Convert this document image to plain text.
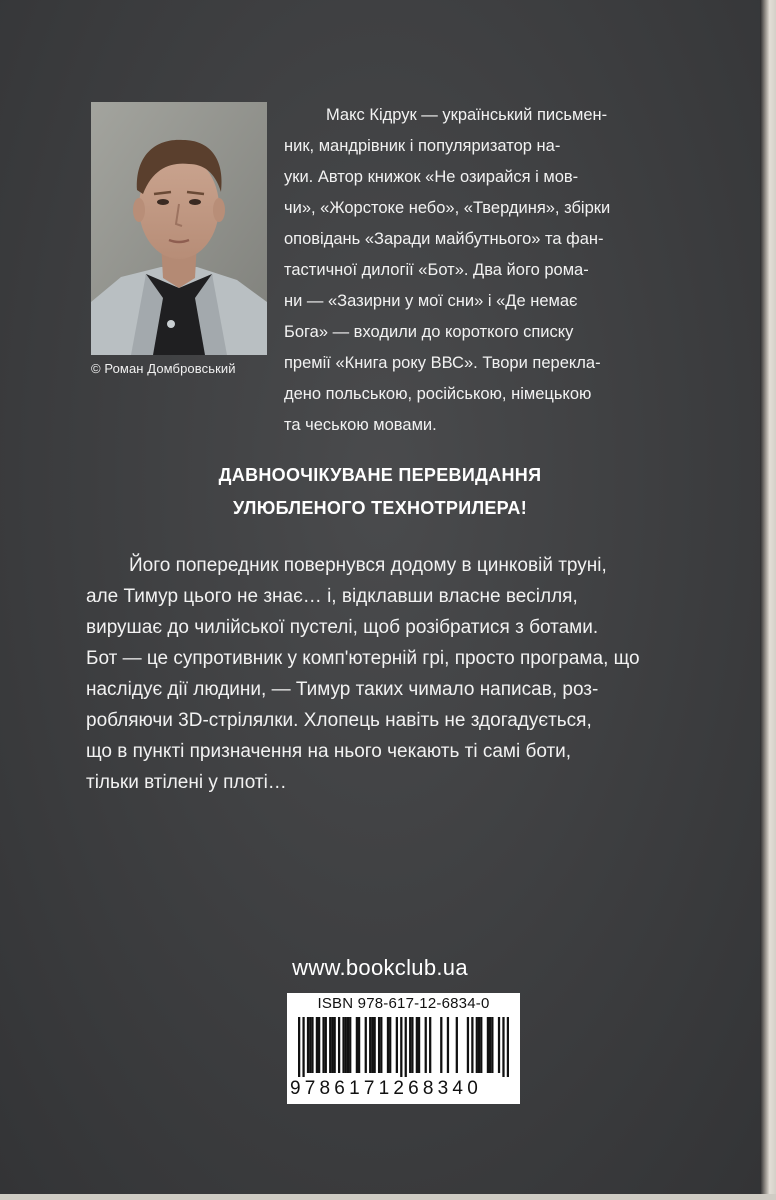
© Роман Домбровський
Макс Кідрук — український письмен-
ник, мандрівник і популяризатор на-
уки. Автор книжок «Не озирайся і мов-
чи», «Жорстоке небо», «Твердиня», збірки
оповідань «Заради майбутнього» та фан-
тастичної дилогії «Бот». Два його рома-
ни — «Зазирни у мої сни» і «Де немає
Бога» — входили до короткого списку
премії «Книга року ВВС». Твори перекла-
дено польською, російською, німецькою
та чеською мовами.
ДАВНООЧІКУВАНЕ ПЕРЕВИДАННЯ
УЛЮБЛЕНОГО ТЕХНОТРИЛЕРА!
Його попередник повернувся додому в цинковій труні,
але Тимур цього не знає… і, відклавши власне весілля,
вирушає до чилійської пустелі, щоб розібратися з ботами.
Бот — це супротивник у комп'ютерній грі, просто програма, що
наслідує дії людини, — Тимур таких чимало написав, роз-
робляючи 3D-стрілялки. Хлопець навіть не здогадується,
що в пункті призначення на нього чекають ті самі боти,
тільки втілені у плоті…
www.bookclub.ua
ISBN 978-617-12-6834-0
9786171268340
